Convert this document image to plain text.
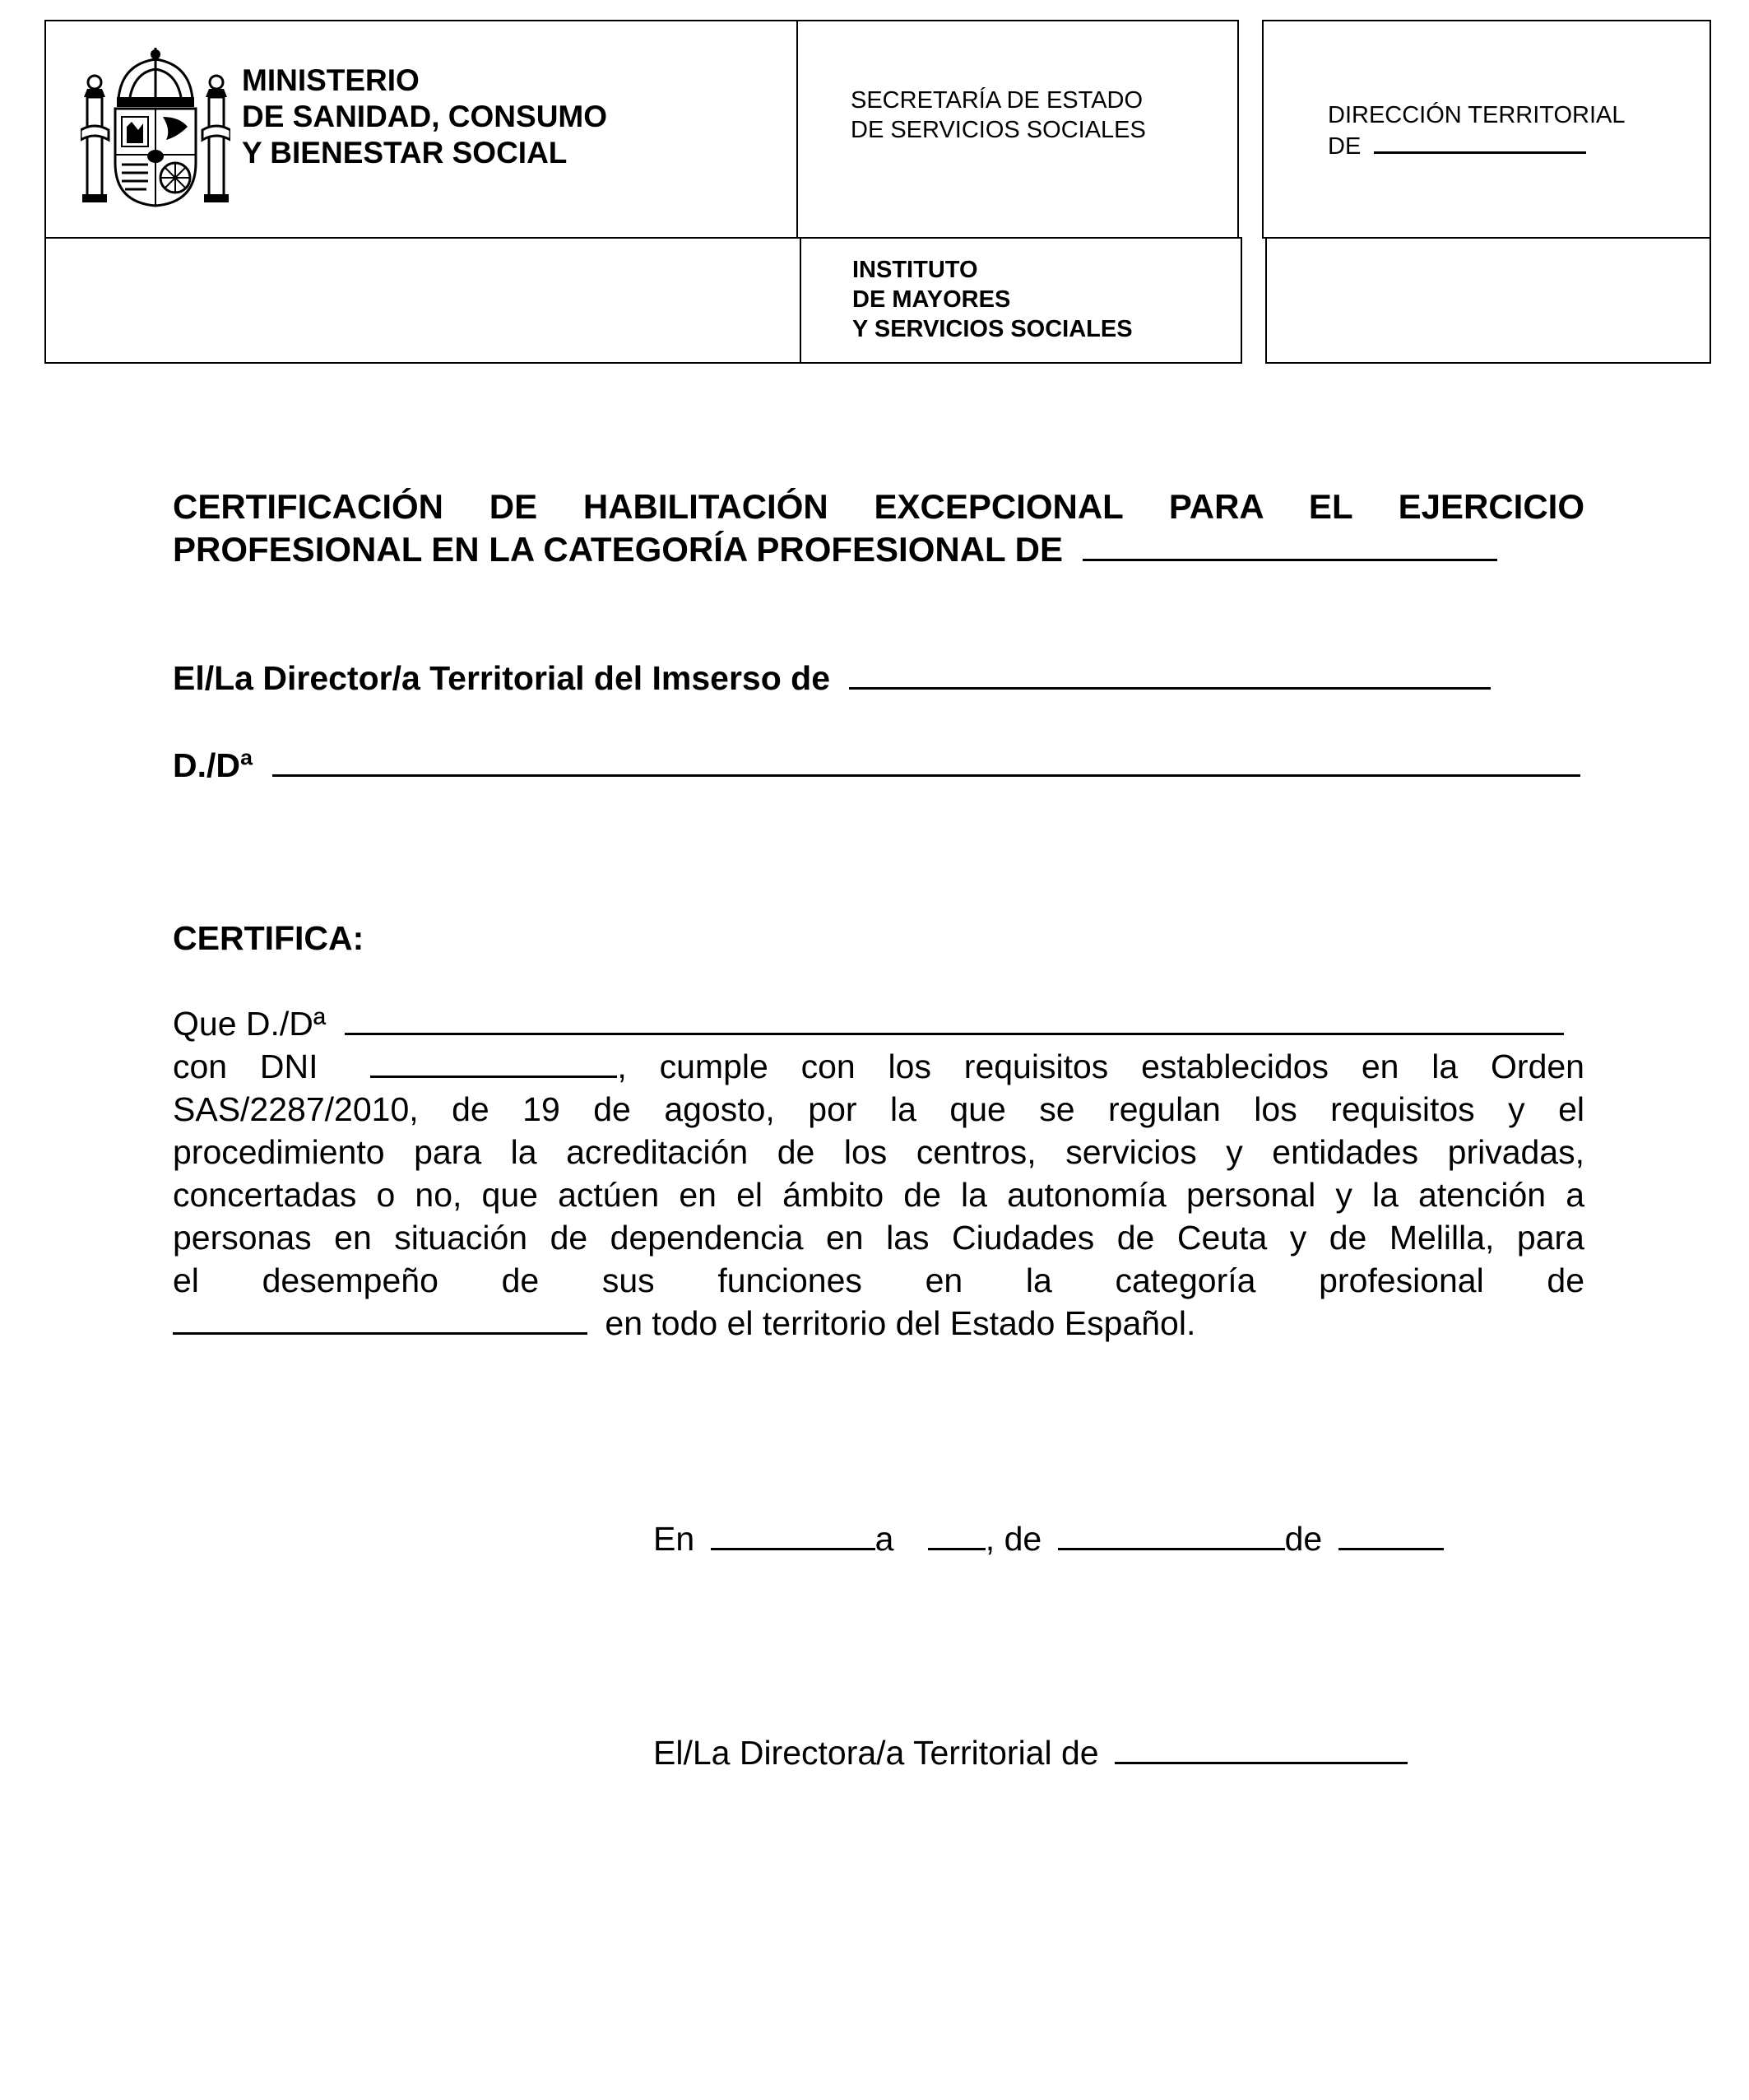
MINISTERIO
DE SANIDAD, CONSUMO
Y BIENESTAR SOCIAL
SECRETARÍA DE ESTADO
DE SERVICIOS SOCIALES
DIRECCIÓN TERRITORIAL
DE
INSTITUTO
DE MAYORES
Y SERVICIOS SOCIALES
CERTIFICACIÓN DE HABILITACIÓN EXCEPCIONAL PARA EL EJERCICIO
PROFESIONAL EN LA CATEGORÍA PROFESIONAL DE
El/La Director/a Territorial del Imserso de
D./Dª
CERTIFICA:
Que D./Dª
con DNI	, cumple con los requisitos establecidos en la Orden
SAS/2287/2010, de 19 de agosto, por la que se regulan los requisitos y el
procedimiento para la acreditación de los centros, servicios y entidades privadas,
concertadas o no, que actúen en el ámbito de la autonomía personal y la atención a
personas en situación de dependencia en las Ciudades de Ceuta y de Melilla, para
el desempeño de sus funciones en la categoría profesional de
en todo el territorio del Estado Español.
En	a	, de	de
El/La Directora/a Territorial de
